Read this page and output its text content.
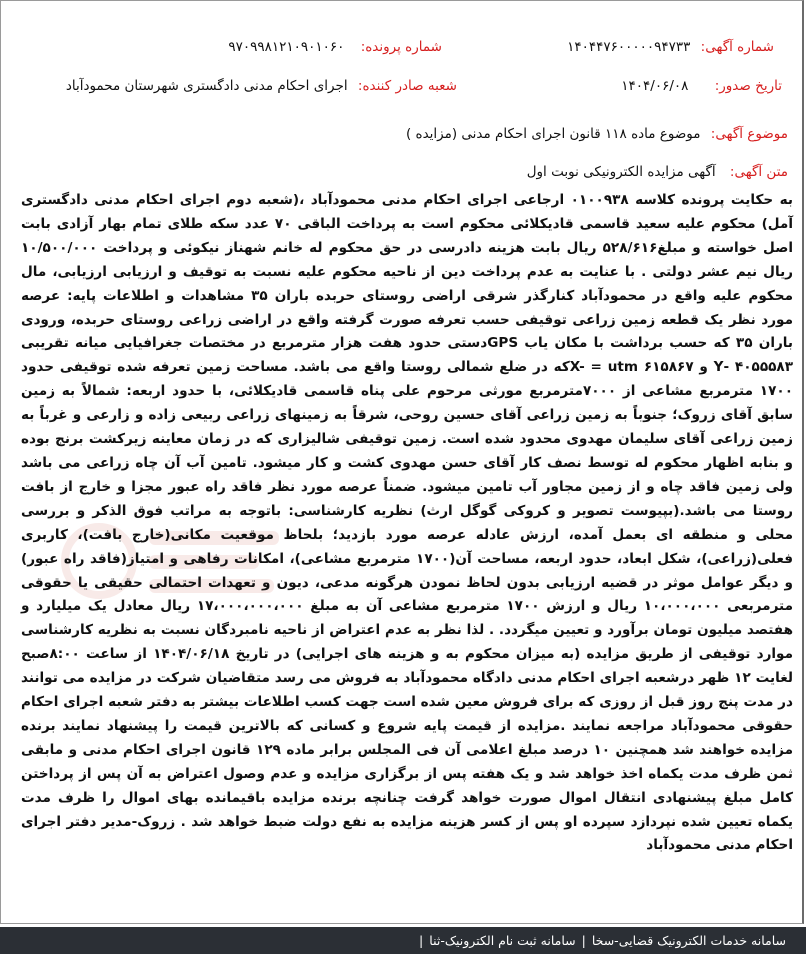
شماره آگهی: ۱۴۰۴۴۷۶۰۰۰۰۰۹۴۷۳۳
شماره پرونده: ۹۷۰۹۹۸۱۲۱۰۹۰۱۰۶۰
تاریخ صدور: ۱۴۰۴/۰۶/۰۸
شعبه صادر کننده: اجرای احکام مدنی دادگستری شهرستان محمودآباد
موضوع آگهی: موضوع ماده ۱۱۸ قانون اجرای احکام مدنی (مزایده )
متن آگهی: آگهی مزایده الکترونیکی نوبت اول
به حکایت پرونده کلاسه ۰۱۰۰۹۳۸ ارجاعی اجرای احکام مدنی محمودآباد ،(شعبه دوم اجرای احکام مدنی دادگستری آمل) محکوم علیه سعید قاسمی قادیکلائی محکوم است به پرداخت الباقی ۷۰ عدد سکه طلای تمام بهار آزادی بابت اصل خواسته و مبلغ۵۲۸/۶۱۶ ریال بابت هزینه دادرسی در حق محکوم له خانم شهناز نیکوئی و پرداخت ۱۰/۵۰۰/۰۰۰ ریال نیم عشر دولتی . با عنایت به عدم پرداخت دین از ناحیه محکوم علیه نسبت به توقیف و ارزیابی ارزیابی، مال محکوم علیه واقع در محمودآباد کنارگذر شرقی اراضی روستای حربده باران ۳۵ مشاهدات و اطلاعات پایه: عرصه مورد نظر یک قطعه زمین زراعی توقیفی حسب تعرفه صورت گرفته واقع در اراضی زراعی روستای حربده، ورودی باران ۳۵ که حسب برداشت با مکان یاب GPSدستی حدود هفت هزار مترمربع در مختصات جغرافیایی میانه تقریبی ۴۰۵۵۵۸۳ -Y و X- = utm ۶۱۵۸۶۷که در ضلع شمالی روستا واقع می باشد. مساحت زمین تعرفه شده توقیفی حدود ۱۷۰۰ مترمربع مشاعی از ۷۰۰۰مترمربع مورثی مرحوم علی پناه قاسمی قادیکلائی، با حدود اربعه: شمالاً به زمین سابق آقای زروک؛ جنوباً به زمین زراعی آقای حسین روحی، شرقاً به زمینهای زراعی ربیعی زاده و زارعی و غرباً به زمین زراعی آقای سلیمان مهدوی محدود شده است. زمین توقیفی شالیزاری که در زمان معاینه زیرکشت برنج بوده و بنابه اظهار محکوم له توسط نصف کار آقای حسن مهدوی کشت و کار میشود. تامین آب آن چاه زراعی می باشد ولی زمین فاقد چاه و از زمین مجاور آب تامین میشود. ضمناً عرصه مورد نظر فاقد راه عبور مجزا و خارج از بافت روستا می باشد.(بپیوست تصویر و کروکی گوگل ارث) نظریه کارشناسی: باتوجه به مراتب فوق الذکر و بررسی محلی و منطقه ای بعمل آمده، ارزش عادله عرصه مورد بازدید؛ بلحاظ موقعیت مکانی(خارج بافت)، کاربری فعلی(زراعی)، شکل ابعاد، حدود اربعه، مساحت آن(۱۷۰۰ مترمربع مشاعی)، امکانات رفاهی و امتیاز(فاقد راه عبور) و دیگر عوامل موثر در قضیه ارزیابی بدون لحاظ نمودن هرگونه مدعی، دیون و تعهدات احتمالی حقیقی یا حقوقی مترمربعی ۱۰،۰۰۰،۰۰۰ ریال و ارزش ۱۷۰۰ مترمربع مشاعی آن به مبلغ ۱۷،۰۰۰،۰۰۰،۰۰۰ ریال معادل یک میلیارد و هفتصد میلیون تومان برآورد و تعیین میگردد. . لذا نظر به عدم اعتراض از ناحیه نامبردگان نسبت به نظریه کارشناسی موارد توقیفی از طریق مزایده (به میزان محکوم به و هزینه های اجرایی) در تاریخ ۱۴۰۴/۰۶/۱۸ از ساعت ۸:۰۰صبح لغایت ۱۲ ظهر درشعبه اجرای احکام مدنی دادگاه محمودآباد به فروش می رسد متقاضیان شرکت در مزایده می توانند در مدت پنج روز قبل از روزی که برای فروش معین شده است جهت کسب اطلاعات بیشتر به دفتر شعبه اجرای احکام حقوقی محمودآباد مراجعه نمایند .مزایده از قیمت پایه شروع و کسانی که بالاترین قیمت را پیشنهاد نمایند برنده مزایده خواهند شد همچنین ۱۰ درصد مبلغ اعلامی آن فی المجلس برابر ماده ۱۲۹ قانون اجرای احکام مدنی و مابقی ثمن ظرف مدت یکماه اخذ خواهد شد و یک هفته پس از برگزاری مزایده و عدم وصول اعتراض به آن پس از پرداختن کامل مبلغ پیشنهادی انتقال اموال صورت خواهد گرفت چنانچه برنده مزایده باقیمانده بهای اموال را ظرف مدت یکماه تعیین شده نپردازد سپرده او پس از کسر هزینه مزایده به نفع دولت ضبط خواهد شد . زروک-مدیر دفتر اجرای احکام مدنی محمودآباد
سامانه خدمات الکترونیک قضایی-سخا
|
سامانه ثبت نام الکترونیک-ثنا
|
